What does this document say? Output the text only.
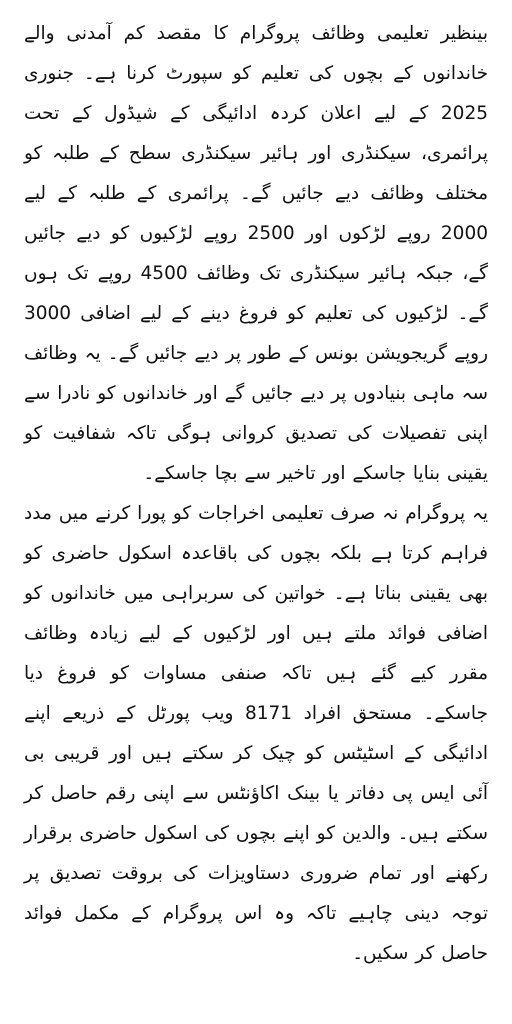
بینظیر تعلیمی وظائف پروگرام کا مقصد کم آمدنی والے خاندانوں کے بچوں کی تعلیم کو سپورٹ کرنا ہے۔ جنوری 2025 کے لیے اعلان کردہ ادائیگی کے شیڈول کے تحت پرائمری، سیکنڈری اور ہائیر سیکنڈری سطح کے طلبہ کو مختلف وظائف دیے جائیں گے۔ پرائمری کے طلبہ کے لیے 2000 روپے لڑکوں اور 2500 روپے لڑکیوں کو دیے جائیں گے، جبکہ ہائیر سیکنڈری تک وظائف 4500 روپے تک ہوں گے۔ لڑکیوں کی تعلیم کو فروغ دینے کے لیے اضافی 3000 روپے گریجویشن بونس کے طور پر دیے جائیں گے۔ یہ وظائف سہ ماہی بنیادوں پر دیے جائیں گے اور خاندانوں کو نادرا سے اپنی تفصیلات کی تصدیق کروانی ہوگی تاکہ شفافیت کو یقینی بنایا جاسکے اور تاخیر سے بچا جاسکے۔

یہ پروگرام نہ صرف تعلیمی اخراجات کو پورا کرنے میں مدد فراہم کرتا ہے بلکہ بچوں کی باقاعدہ اسکول حاضری کو بھی یقینی بناتا ہے۔ خواتین کی سربراہی میں خاندانوں کو اضافی فوائد ملتے ہیں اور لڑکیوں کے لیے زیادہ وظائف مقرر کیے گئے ہیں تاکہ صنفی مساوات کو فروغ دیا جاسکے۔ مستحق افراد 8171 ویب پورٹل کے ذریعے اپنے ادائیگی کے اسٹیٹس کو چیک کر سکتے ہیں اور قریبی بی آئی ایس پی دفاتر یا بینک اکاؤنٹس سے اپنی رقم حاصل کر سکتے ہیں۔ والدین کو اپنے بچوں کی اسکول حاضری برقرار رکھنے اور تمام ضروری دستاویزات کی بروقت تصدیق پر توجہ دینی چاہیے تاکہ وہ اس پروگرام کے مکمل فوائد حاصل کر سکیں۔
